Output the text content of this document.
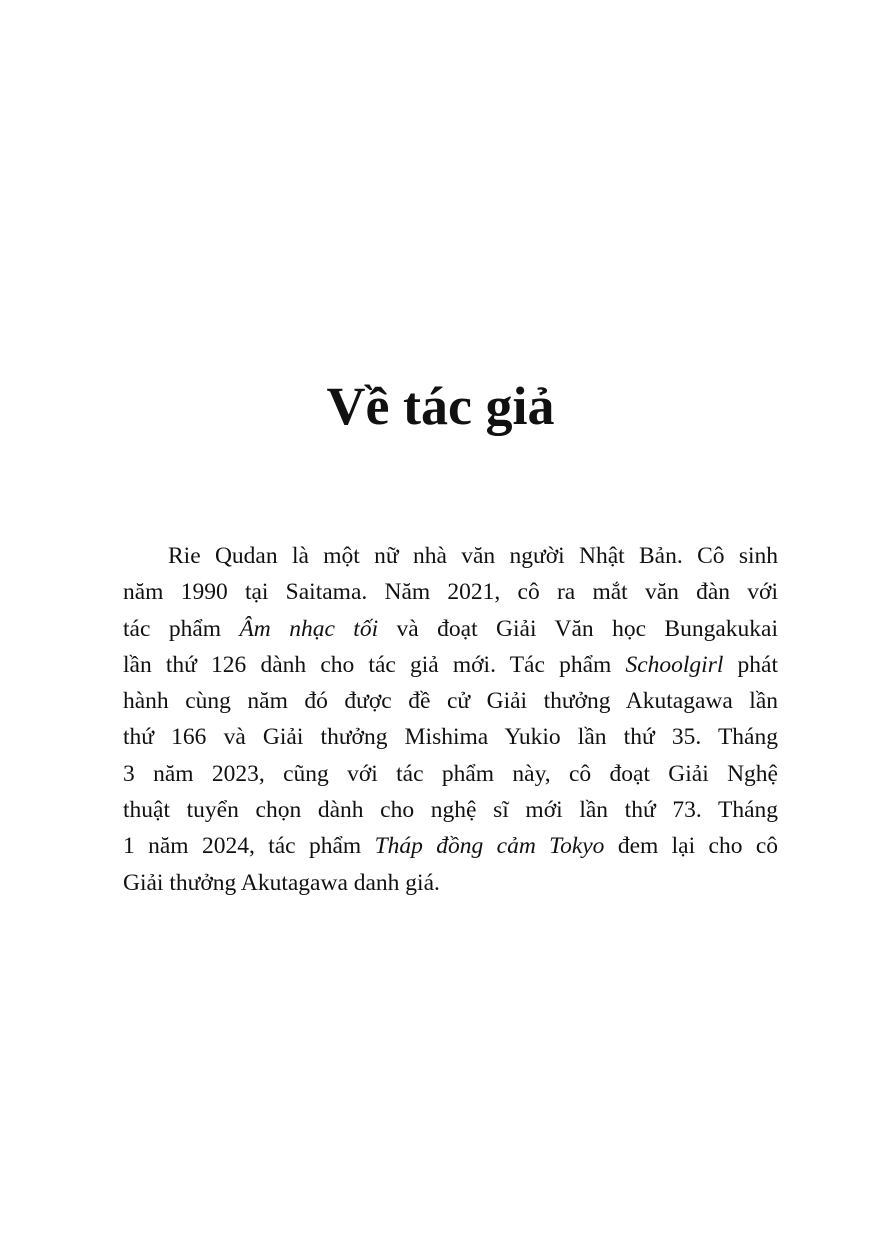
Về tác giả
Rie Qudan là một nữ nhà văn người Nhật Bản. Cô sinh
năm 1990 tại Saitama. Năm 2021, cô ra mắt văn đàn với
tác phẩm Âm nhạc tối và đoạt Giải Văn học Bungakukai
lần thứ 126 dành cho tác giả mới. Tác phẩm Schoolgirl phát
hành cùng năm đó được đề cử Giải thưởng Akutagawa lần
thứ 166 và Giải thưởng Mishima Yukio lần thứ 35. Tháng
3 năm 2023, cũng với tác phẩm này, cô đoạt Giải Nghệ
thuật tuyển chọn dành cho nghệ sĩ mới lần thứ 73. Tháng
1 năm 2024, tác phẩm Tháp đồng cảm Tokyo đem lại cho cô
Giải thưởng Akutagawa danh giá.
